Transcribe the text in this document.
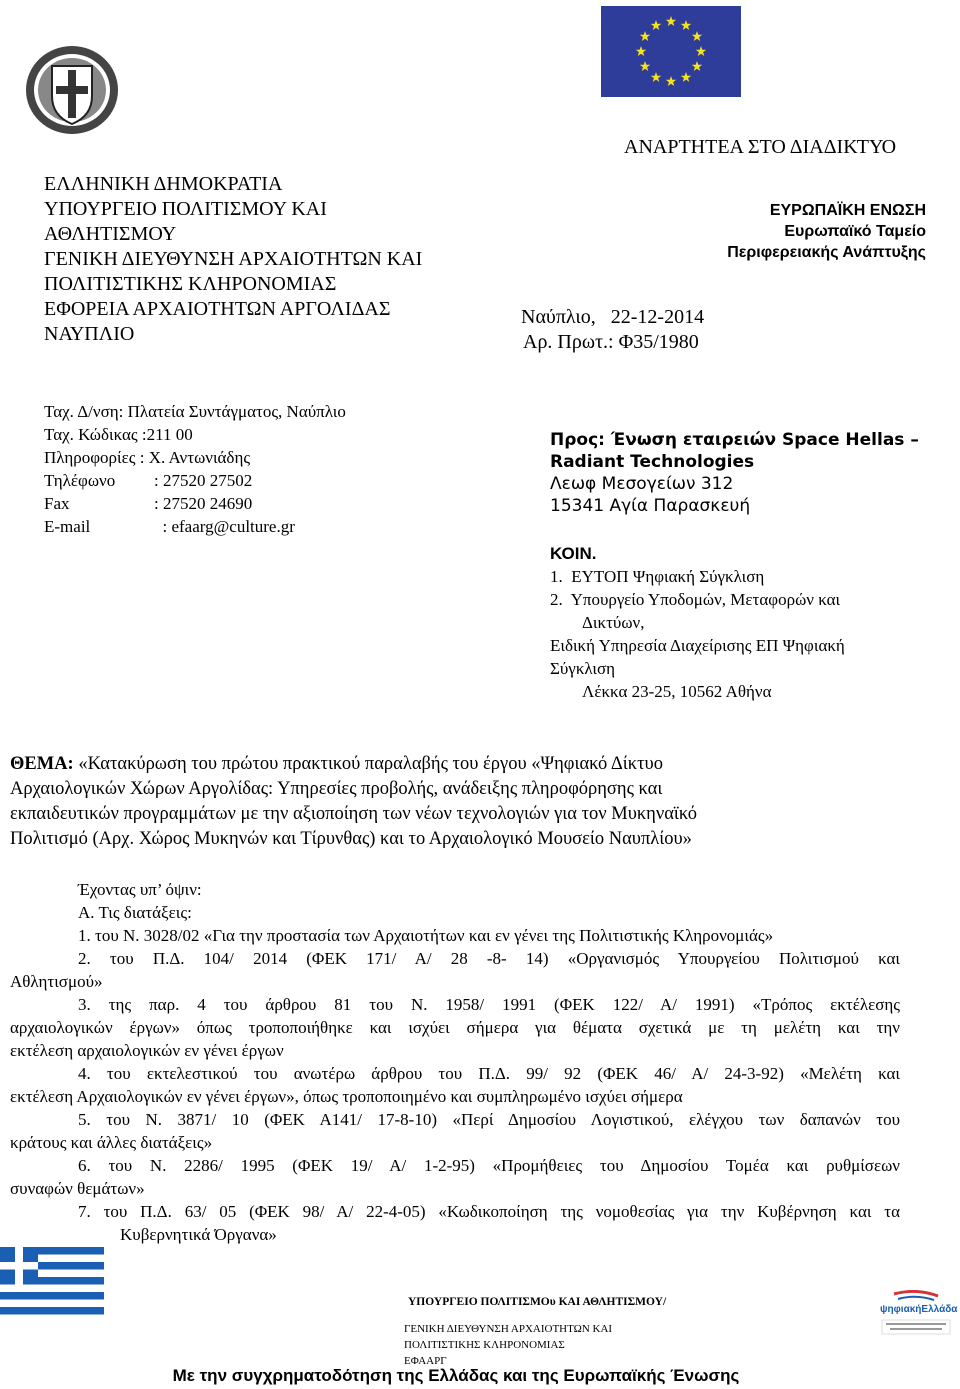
ΑΝΑΡΤΗΤΕΑ ΣΤΟ ΔΙΑΔΙΚΤΥΟ
ΕΛΛΗΝΙΚΗ ΔΗΜΟΚΡΑΤΙΑ
ΥΠΟΥΡΓΕΙΟ ΠΟΛΙΤΙΣΜΟΥ ΚΑΙ
ΑΘΛΗΤΙΣΜΟΥ
ΓΕΝΙΚΗ ΔΙΕΥΘΥΝΣΗ ΑΡΧΑΙΟΤΗΤΩΝ ΚΑΙ
ΠΟΛΙΤΙΣΤΙΚΗΣ ΚΛΗΡΟΝΟΜΙΑΣ
ΕΦΟΡΕΙΑ ΑΡΧΑΙΟΤΗΤΩΝ ΑΡΓΟΛΙΔΑΣ
ΝΑΥΠΛΙΟ
ΕΥΡΩΠΑΪΚΗ ΕΝΩΣΗ
Ευρωπαϊκό Ταμείο
Περιφερειακής Ανάπτυξης
Ναύπλιο,   22-12-2014
Αρ. Πρωτ.: Φ35/1980
Ταχ. Δ/νση: Πλατεία Συντάγματος, Ναύπλιο
Ταχ. Κώδικας :211 00
Πληροφορίες : Χ. Αντωνιάδης
Τηλέφωνο	: 27520 27502
Fax	: 27520 24690
E-mail	: efaarg@culture.gr
Προς: Ένωση εταιρειών Space Hellas –
Radiant Technologies
Λεωφ Μεσογείων 312
15341 Αγία Παρασκευή
ΚΟΙΝ.
1.  ΕΥΤΟΠ Ψηφιακή Σύγκλιση
2.  Υπουργείο Υποδομών, Μεταφορών και
Δικτύων,
Ειδική Υπηρεσία Διαχείρισης ΕΠ Ψηφιακή
Σύγκλιση
Λέκκα 23-25, 10562 Αθήνα
ΘΕΜΑ: «Κατακύρωση του πρώτου πρακτικού παραλαβής του έργου «Ψηφιακό Δίκτυο
Αρχαιολογικών Χώρων Αργολίδας: Υπηρεσίες προβολής, ανάδειξης πληροφόρησης και
εκπαιδευτικών προγραμμάτων με την αξιοποίηση των νέων τεχνολογιών για τον Μυκηναϊκό
Πολιτισμό (Αρχ. Χώρος Μυκηνών και Τίρυνθας) και το Αρχαιολογικό Μουσείο Ναυπλίου»

Έχοντας υπ’ όψιν:

Α. Τις διατάξεις:

1. του Ν. 3028/02 «Για την προστασία των Αρχαιοτήτων και εν γένει της Πολιτιστικής Κληρονομιάς»

2. του Π.Δ. 104/ 2014 (ΦΕΚ 171/ Α/ 28 -8- 14) «Οργανισμός Υπουργείου Πολιτισμού και

Αθλητισμού»

3. της παρ. 4 του άρθρου 81 του Ν. 1958/ 1991 (ΦΕΚ 122/ Α/ 1991) «Τρόπος εκτέλεσης

αρχαιολογικών έργων» όπως τροποποιήθηκε και ισχύει σήμερα για θέματα σχετικά με τη μελέτη και την

εκτέλεση αρχαιολογικών εν γένει έργων

4. του εκτελεστικού του ανωτέρω άρθρου του Π.Δ. 99/ 92 (ΦΕΚ 46/ Α/ 24-3-92) «Μελέτη και

εκτέλεση Αρχαιολογικών εν γένει έργων», όπως τροποποιημένο και συμπληρωμένο ισχύει σήμερα

5. του Ν. 3871/ 10 (ΦΕΚ Α141/ 17-8-10) «Περί Δημοσίου Λογιστικού, ελέγχου των δαπανών του

κράτους και άλλες διατάξεις»

6. του Ν. 2286/ 1995 (ΦΕΚ 19/ Α/ 1-2-95) «Προμήθειες του Δημοσίου Τομέα και ρυθμίσεων

συναφών θεμάτων»

7. του Π.Δ. 63/ 05 (ΦΕΚ 98/ Α/ 22-4-05) «Κωδικοποίηση της νομοθεσίας για την Κυβέρνηση και τα

Κυβερνητικά Όργανα»

ΥΠΟΥΡΓΕΙΟ ΠΟΛΙΤΙΣΜΟυ ΚΑΙ ΑΘΛΗΤΙΣΜΟΥ/
ΓΕΝΙΚΗ ΔΙΕΥΘΥΝΣΗ ΑΡΧΑΙΟΤΗΤΩΝ ΚΑΙ
ΠΟΛΙΤΙΣΤΙΚΗΣ ΚΛΗΡΟΝΟΜΙΑΣ
ΕΦΑΑΡΓ
ψηφιακήΕλλάδα
Με την συγχρηματοδότηση της Ελλάδας και της Ευρωπαϊκής Ένωσης
